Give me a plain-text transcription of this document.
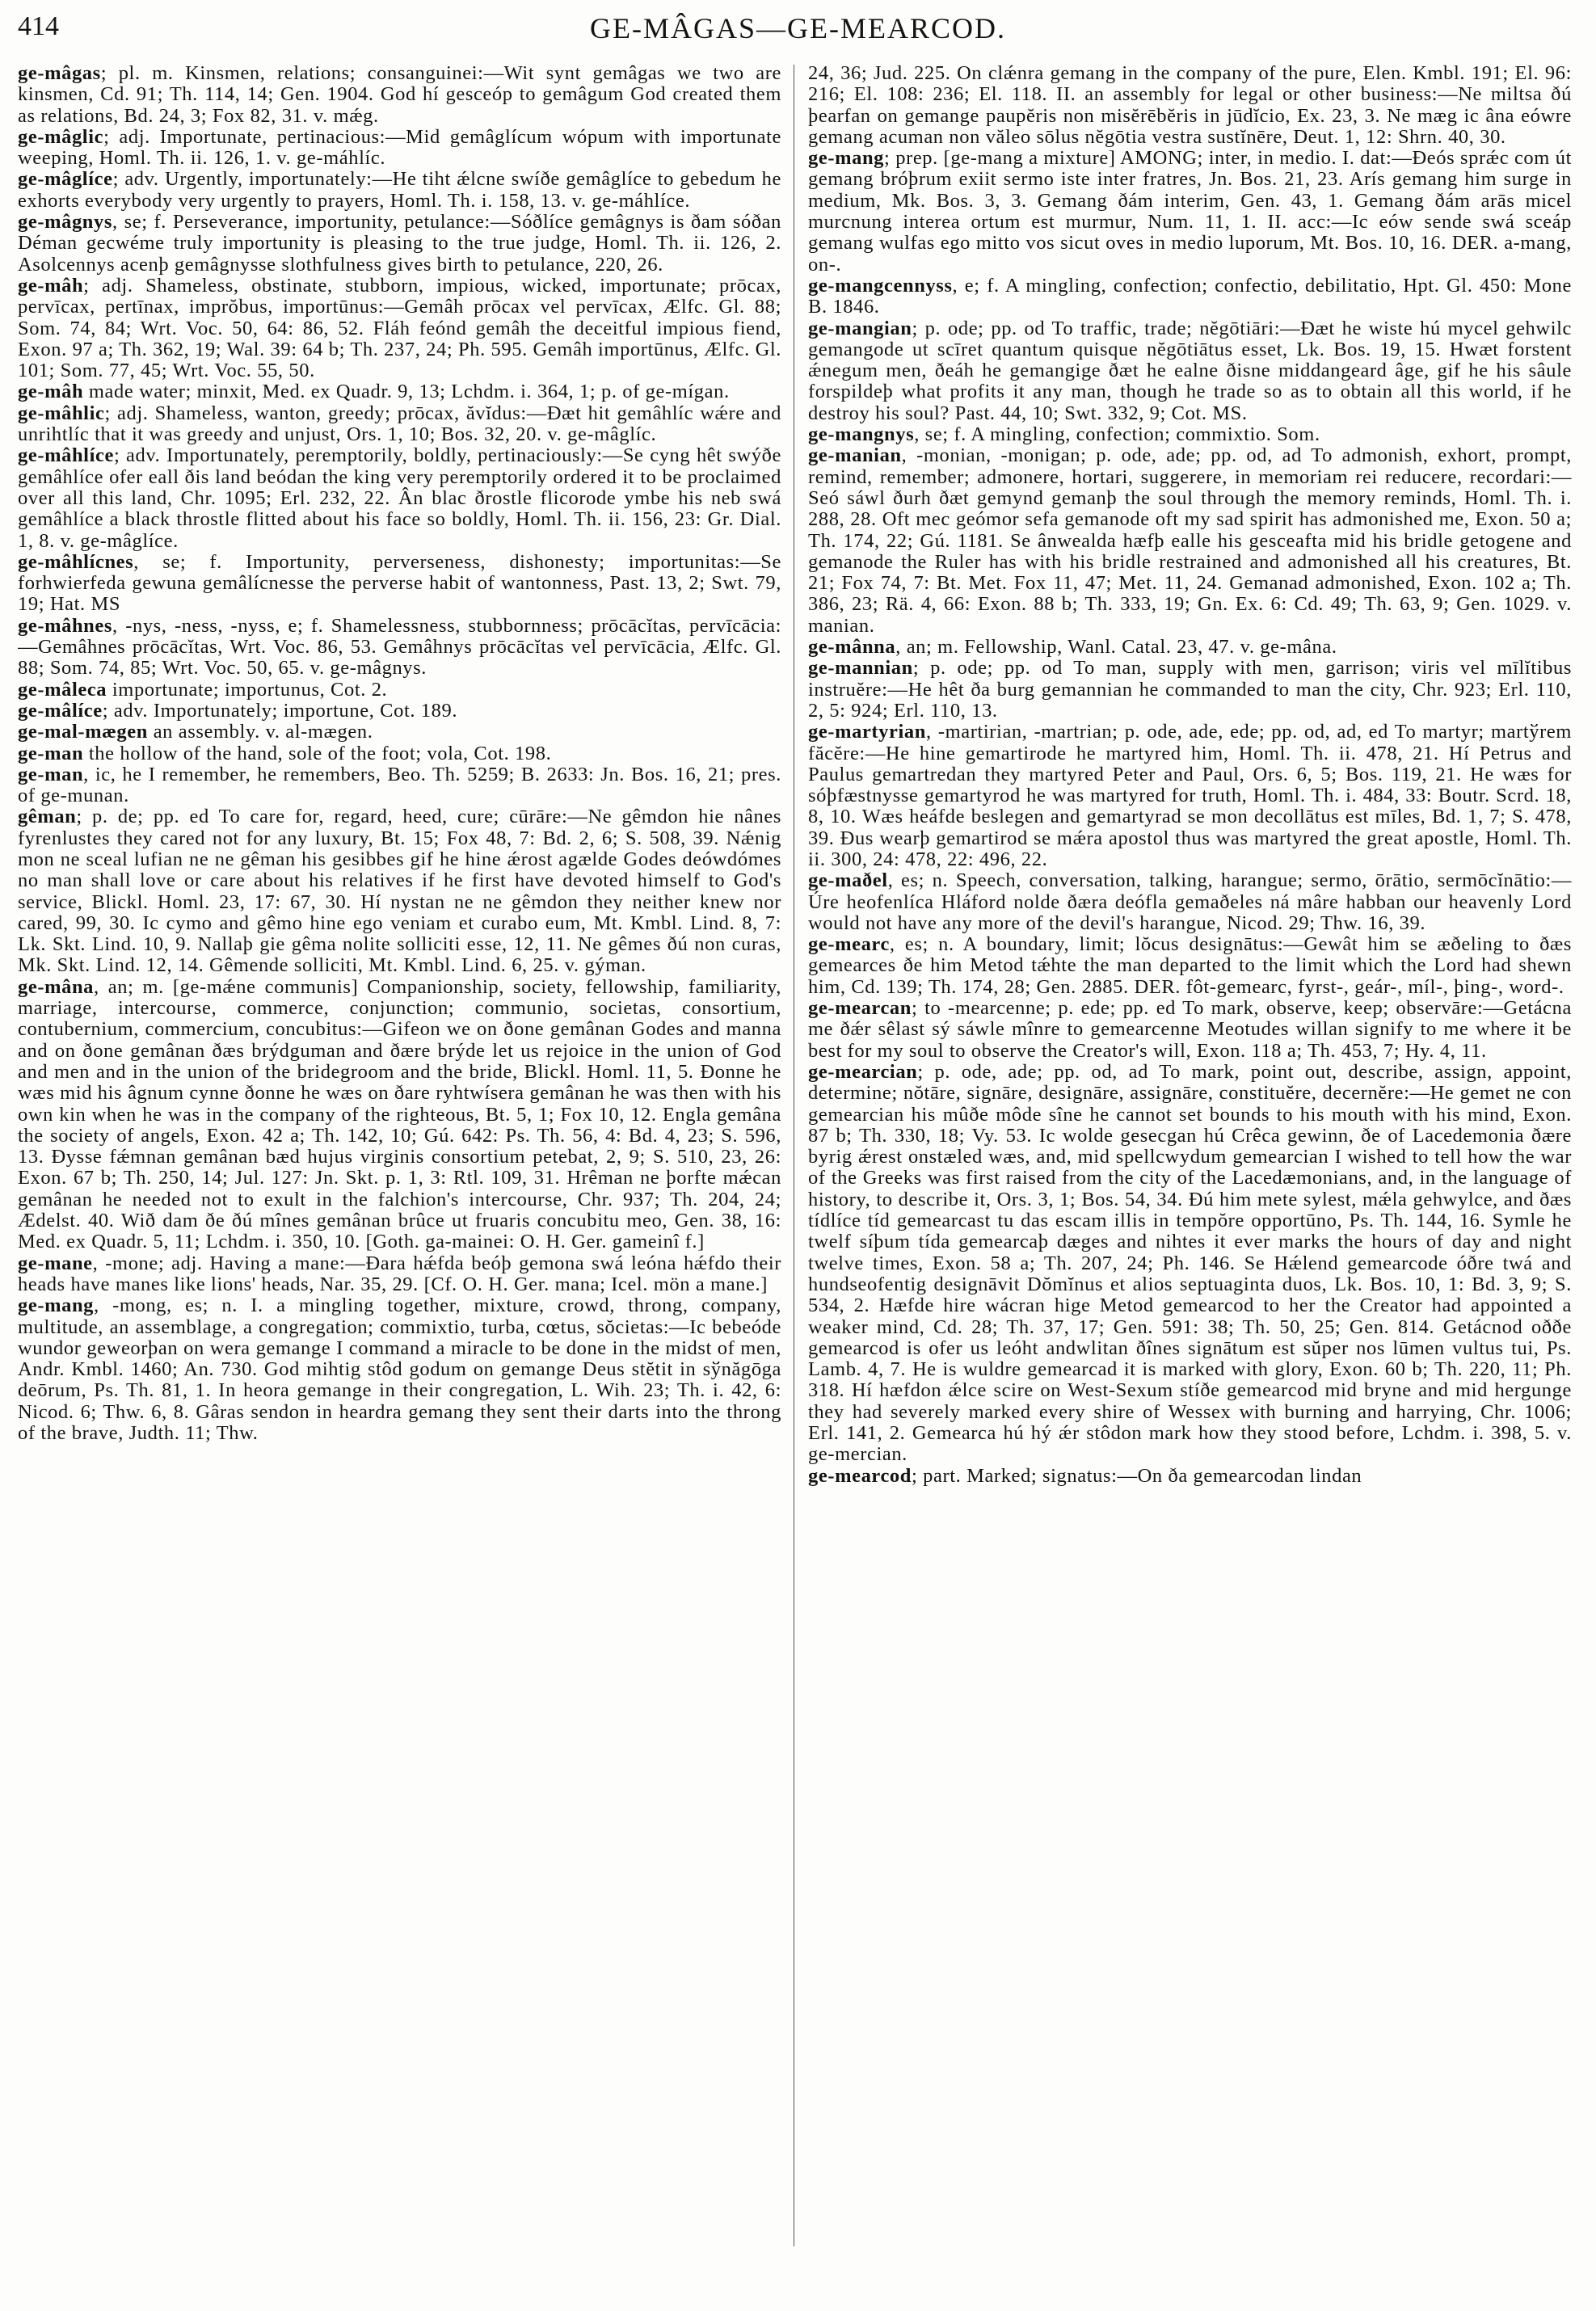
414	GE-MÂGAS—GE-MEARCOD.

ge-mâgas; pl. m. Kinsmen, relations; consanguinei:—Wit synt gemâgas we two are kinsmen, Cd. 91; Th. 114, 14; Gen. 1904. God hí gesceóp to gemâgum God created them as relations, Bd. 24, 3; Fox 82, 31. v. mǽg.

ge-mâglic; adj. Importunate, pertinacious:—Mid gemâglícum wópum with importunate weeping, Homl. Th. ii. 126, 1. v. ge-máhlíc.

ge-mâglíce; adv. Urgently, importunately:—He tiht ǽlcne swíðe gemâglíce to gebedum he exhorts everybody very urgently to prayers, Homl. Th. i. 158, 13. v. ge-máhlíce.

ge-mâgnys, se; f. Perseverance, importunity, petulance:—Sóðlíce gemâgnys is ðam sóðan Déman gecwéme truly importunity is pleasing to the true judge, Homl. Th. ii. 126, 2. Asolcennys acenþ gemâgnysse slothfulness gives birth to petulance, 220, 26.

ge-mâh; adj. Shameless, obstinate, stubborn, impious, wicked, importunate; prōcax, pervīcax, pertīnax, imprŏbus, importūnus:—Gemâh prōcax vel pervīcax, Ælfc. Gl. 88; Som. 74, 84; Wrt. Voc. 50, 64: 86, 52. Fláh feónd gemâh the deceitful impious fiend, Exon. 97 a; Th. 362, 19; Wal. 39: 64 b; Th. 237, 24; Ph. 595. Gemâh importūnus, Ælfc. Gl. 101; Som. 77, 45; Wrt. Voc. 55, 50.

ge-mâh made water; minxit, Med. ex Quadr. 9, 13; Lchdm. i. 364, 1; p. of ge-mígan.

ge-mâhlic; adj. Shameless, wanton, greedy; prōcax, ăvĭdus:—Ðæt hit gemâhlíc wǽre and unrihtlíc that it was greedy and unjust, Ors. 1, 10; Bos. 32, 20. v. ge-mâglíc.

ge-mâhlíce; adv. Importunately, peremptorily, boldly, pertinaciously:—Se cyng hêt swýðe gemâhlíce ofer eall ðis land beódan the king very peremptorily ordered it to be proclaimed over all this land, Chr. 1095; Erl. 232, 22. Ân blac ðrostle flicorode ymbe his neb swá gemâhlíce a black throstle flitted about his face so boldly, Homl. Th. ii. 156, 23: Gr. Dial. 1, 8. v. ge-mâglíce.

ge-mâhlícnes, se; f. Importunity, perverseness, dishonesty; importunitas:—Se forhwierfeda gewuna gemâlícnesse the perverse habit of wantonness, Past. 13, 2; Swt. 79, 19; Hat. MS

ge-mâhnes, -nys, -ness, -nyss, e; f. Shamelessness, stubbornness; prōcācĭtas, pervīcācia:—Gemâhnes prōcācĭtas, Wrt. Voc. 86, 53. Gemâhnys prōcācĭtas vel pervīcācia, Ælfc. Gl. 88; Som. 74, 85; Wrt. Voc. 50, 65. v. ge-mâgnys.

ge-mâleca importunate; importunus, Cot. 2.

ge-mâlíce; adv. Importunately; importune, Cot. 189.

ge-mal-mægen an assembly. v. al-mægen.

ge-man the hollow of the hand, sole of the foot; vola, Cot. 198.

ge-man, ic, he I remember, he remembers, Beo. Th. 5259; B. 2633: Jn. Bos. 16, 21; pres. of ge-munan.

gêman; p. de; pp. ed To care for, regard, heed, cure; cūrāre:—Ne gêmdon hie nânes fyrenlustes they cared not for any luxury, Bt. 15; Fox 48, 7: Bd. 2, 6; S. 508, 39. Nǽnig mon ne sceal lufian ne ne gêman his gesibbes gif he hine ǽrost agælde Godes deówdómes no man shall love or care about his relatives if he first have devoted himself to God's service, Blickl. Homl. 23, 17: 67, 30. Hí nystan ne ne gêmdon they neither knew nor cared, 99, 30. Ic cymo and gêmo hine ego veniam et curabo eum, Mt. Kmbl. Lind. 8, 7: Lk. Skt. Lind. 10, 9. Nallaþ gie gêma nolite solliciti esse, 12, 11. Ne gêmes ðú non curas, Mk. Skt. Lind. 12, 14. Gêmende solliciti, Mt. Kmbl. Lind. 6, 25. v. gýman.

ge-mâna, an; m. [ge-mǽne communis] Companionship, society, fellowship, familiarity, marriage, intercourse, commerce, conjunction; communio, societas, consortium, contubernium, commercium, concubitus:—Gifeon we on ðone gemânan Godes and manna and on ðone gemânan ðæs brýdguman and ðære brýde let us rejoice in the union of God and men and in the union of the bridegroom and the bride, Blickl. Homl. 11, 5. Ðonne he wæs mid his âgnum cynne ðonne he wæs on ðare ryhtwísera gemânan he was then with his own kin when he was in the company of the righteous, Bt. 5, 1; Fox 10, 12. Engla gemâna the society of angels, Exon. 42 a; Th. 142, 10; Gú. 642: Ps. Th. 56, 4: Bd. 4, 23; S. 596, 13. Ðysse fǽmnan gemânan bæd hujus virginis consortium petebat, 2, 9; S. 510, 23, 26: Exon. 67 b; Th. 250, 14; Jul. 127: Jn. Skt. p. 1, 3: Rtl. 109, 31. Hrêman ne þorfte mǽcan gemânan he needed not to exult in the falchion's intercourse, Chr. 937; Th. 204, 24; Ædelst. 40. Wið dam ðe ðú mînes gemânan brûce ut fruaris concubitu meo, Gen. 38, 16: Med. ex Quadr. 5, 11; Lchdm. i. 350, 10. [Goth. ga-mainei: O. H. Ger. gameinî f.]

ge-mane, -mone; adj. Having a mane:—Ðara hǽfda beóþ gemona swá leóna hǽfdo their heads have manes like lions' heads, Nar. 35, 29. [Cf. O. H. Ger. mana; Icel. mön a mane.]

ge-mang, -mong, es; n. I. a mingling together, mixture, crowd, throng, company, multitude, an assemblage, a congregation; commixtio, turba, cœtus, sŏcietas:—Ic bebeóde wundor geweorþan on wera gemange I command a miracle to be done in the midst of men, Andr. Kmbl. 1460; An. 730. God mihtig stôd godum on gemange Deus stĕtit in sўnăgōga deōrum, Ps. Th. 81, 1. In heora gemange in their congregation, L. Wih. 23; Th. i. 42, 6: Nicod. 6; Thw. 6, 8. Gâras sendon in heardra gemang they sent their darts into the throng of the brave, Judth. 11; Thw.

24, 36; Jud. 225. On clǽnra gemang in the company of the pure, Elen. Kmbl. 191; El. 96: 216; El. 108: 236; El. 118. II. an assembly for legal or other business:—Ne miltsa ðú þearfan on gemange paupĕris non misĕrēbĕris in jūdĭcio, Ex. 23, 3. Ne mæg ic âna eówre gemang acuman non văleo sōlus nĕgōtia vestra sustĭnēre, Deut. 1, 12: Shrn. 40, 30.

ge-mang; prep. [ge-mang a mixture] AMONG; inter, in medio. I. dat:—Ðeós sprǽc com út gemang bróþrum exiit sermo iste inter fratres, Jn. Bos. 21, 23. Arís gemang him surge in medium, Mk. Bos. 3, 3. Gemang ðám interim, Gen. 43, 1. Gemang ðám arās micel murcnung interea ortum est murmur, Num. 11, 1. II. acc:—Ic eów sende swá sceáp gemang wulfas ego mitto vos sicut oves in medio luporum, Mt. Bos. 10, 16. DER. a-mang, on-.

ge-mangcennyss, e; f. A mingling, confection; confectio, debilitatio, Hpt. Gl. 450: Mone B. 1846.

ge-mangian; p. ode; pp. od To traffic, trade; nĕgōtiāri:—Ðæt he wiste hú mycel gehwilc gemangode ut scīret quantum quisque nĕgōtiātus esset, Lk. Bos. 19, 15. Hwæt forstent ǽnegum men, ðeáh he gemangige ðæt he ealne ðisne middangeard âge, gif he his sâule forspildeþ what profits it any man, though he trade so as to obtain all this world, if he destroy his soul? Past. 44, 10; Swt. 332, 9; Cot. MS.

ge-mangnys, se; f. A mingling, confection; commixtio. Som.

ge-manian, -monian, -monigan; p. ode, ade; pp. od, ad To admonish, exhort, prompt, remind, remember; admonere, hortari, suggerere, in memoriam rei reducere, recordari:—Seó sáwl ðurh ðæt gemynd gemanþ the soul through the memory reminds, Homl. Th. i. 288, 28. Oft mec geómor sefa gemanode oft my sad spirit has admonished me, Exon. 50 a; Th. 174, 22; Gú. 1181. Se ânwealda hæfþ ealle his gesceafta mid his bridle getogene and gemanode the Ruler has with his bridle restrained and admonished all his creatures, Bt. 21; Fox 74, 7: Bt. Met. Fox 11, 47; Met. 11, 24. Gemanad admonished, Exon. 102 a; Th. 386, 23; Rä. 4, 66: Exon. 88 b; Th. 333, 19; Gn. Ex. 6: Cd. 49; Th. 63, 9; Gen. 1029. v. manian.

ge-mânna, an; m. Fellowship, Wanl. Catal. 23, 47. v. ge-mâna.

ge-mannian; p. ode; pp. od To man, supply with men, garrison; viris vel mīlĭtibus instruĕre:—He hêt ða burg gemannian he commanded to man the city, Chr. 923; Erl. 110, 2, 5: 924; Erl. 110, 13.

ge-martyrian, -martirian, -martrian; p. ode, ade, ede; pp. od, ad, ed To martyr; martўrem făcĕre:—He hine gemartirode he martyred him, Homl. Th. ii. 478, 21. Hí Petrus and Paulus gemartredan they martyred Peter and Paul, Ors. 6, 5; Bos. 119, 21. He wæs for sóþfæstnysse gemartyrod he was martyred for truth, Homl. Th. i. 484, 33: Boutr. Scrd. 18, 8, 10. Wæs heáfde beslegen and gemartyrad se mon decollātus est mīles, Bd. 1, 7; S. 478, 39. Ðus wearþ gemartirod se mǽra apostol thus was martyred the great apostle, Homl. Th. ii. 300, 24: 478, 22: 496, 22.

ge-maðel, es; n. Speech, conversation, talking, harangue; sermo, ōrātio, sermōcĭnātio:—Úre heofenlíca Hláford nolde ðæra deófla gemaðeles ná mâre habban our heavenly Lord would not have any more of the devil's harangue, Nicod. 29; Thw. 16, 39.

ge-mearc, es; n. A boundary, limit; lŏcus designātus:—Gewât him se æðeling to ðæs gemearces ðe him Metod tǽhte the man departed to the limit which the Lord had shewn him, Cd. 139; Th. 174, 28; Gen. 2885. DER. fôt-gemearc, fyrst-, geár-, míl-, þing-, word-.

ge-mearcan; to -mearcenne; p. ede; pp. ed To mark, observe, keep; observāre:—Getácna me ðǽr sêlast sý sáwle mînre to gemearcenne Meotudes willan signify to me where it be best for my soul to observe the Creator's will, Exon. 118 a; Th. 453, 7; Hy. 4, 11.

ge-mearcian; p. ode, ade; pp. od, ad To mark, point out, describe, assign, appoint, determine; nŏtāre, signāre, designāre, assignāre, constituĕre, decernĕre:—He gemet ne con gemearcian his mûðe môde sîne he cannot set bounds to his mouth with his mind, Exon. 87 b; Th. 330, 18; Vy. 53. Ic wolde gesecgan hú Crêca gewinn, ðe of Lacedemonia ðære byrig ǽrest onstæled wæs, and, mid spellcwydum gemearcian I wished to tell how the war of the Greeks was first raised from the city of the Lacedæmonians, and, in the language of history, to describe it, Ors. 3, 1; Bos. 54, 34. Ðú him mete sylest, mǽla gehwylce, and ðæs tídlíce tíd gemearcast tu das escam illis in tempŏre opportūno, Ps. Th. 144, 16. Symle he twelf síþum tída gemearcaþ dæges and nihtes it ever marks the hours of day and night twelve times, Exon. 58 a; Th. 207, 24; Ph. 146. Se Hǽlend gemearcode óðre twá and hundseofentig designāvit Dŏmĭnus et alios septuaginta duos, Lk. Bos. 10, 1: Bd. 3, 9; S. 534, 2. Hæfde hire wácran hige Metod gemearcod to her the Creator had appointed a weaker mind, Cd. 28; Th. 37, 17; Gen. 591: 38; Th. 50, 25; Gen. 814. Getácnod oððe gemearcod is ofer us leóht andwlitan ðînes signātum est sŭper nos lūmen vultus tui, Ps. Lamb. 4, 7. He is wuldre gemearcad it is marked with glory, Exon. 60 b; Th. 220, 11; Ph. 318. Hí hæfdon ǽlce scire on West-Sexum stíðe gemearcod mid bryne and mid hergunge they had severely marked every shire of Wessex with burning and harrying, Chr. 1006; Erl. 141, 2. Gemearca hú hý ǽr stôdon mark how they stood before, Lchdm. i. 398, 5. v. ge-mercian.

ge-mearcod; part. Marked; signatus:—On ða gemearcodan lindan
